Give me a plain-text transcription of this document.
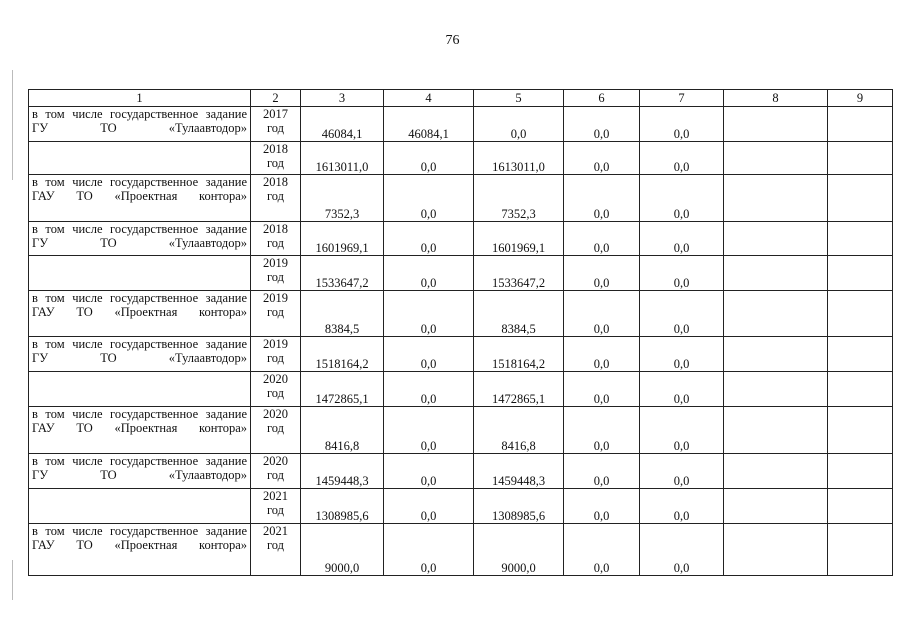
76
1	2	3	4	5	6	7	8	9
в том числе государственное задание ГУ ТО «Тулаавтодор»	2017 год	46084,1	46084,1	0,0	0,0	0,0		
	2018 год	1613011,0	0,0	1613011,0	0,0	0,0		
в том числе государственное задание ГАУ ТО «Проектная контора»	2018 год	7352,3	0,0	7352,3	0,0	0,0		
в том числе государственное задание ГУ ТО «Тулаавтодор»	2018 год	1601969,1	0,0	1601969,1	0,0	0,0		
	2019 год	1533647,2	0,0	1533647,2	0,0	0,0		
в том числе государственное задание ГАУ ТО «Проектная контора»	2019 год	8384,5	0,0	8384,5	0,0	0,0		
в том числе государственное задание ГУ ТО «Тулаавтодор»	2019 год	1518164,2	0,0	1518164,2	0,0	0,0		
	2020 год	1472865,1	0,0	1472865,1	0,0	0,0		
в том числе государственное задание ГАУ ТО «Проектная контора»	2020 год	8416,8	0,0	8416,8	0,0	0,0		
в том числе государственное задание ГУ ТО «Тулаавтодор»	2020 год	1459448,3	0,0	1459448,3	0,0	0,0		
	2021 год	1308985,6	0,0	1308985,6	0,0	0,0		
в том числе государственное задание ГАУ ТО «Проектная контора»	2021 год	9000,0	0,0	9000,0	0,0	0,0		
